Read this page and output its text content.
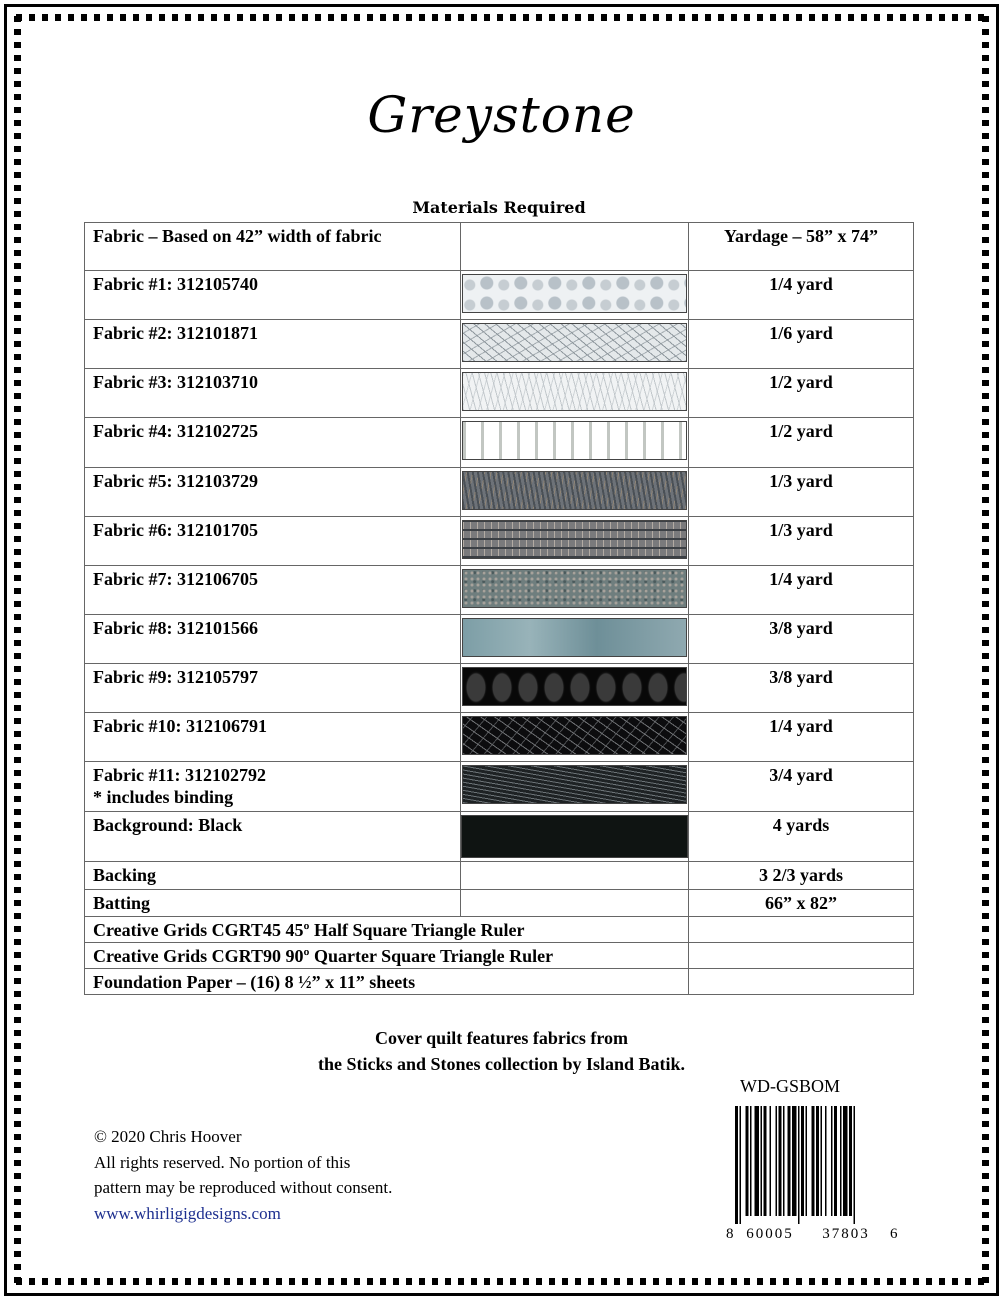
Greystone
Materials Required
Fabric – Based on 42” width of fabric		Yardage – 58” x 74”
Fabric #1: 312105740		1/4 yard
Fabric #2: 312101871		1/6 yard
Fabric #3: 312103710		1/2 yard
Fabric #4: 312102725		1/2 yard
Fabric #5: 312103729		1/3 yard
Fabric #6: 312101705		1/3 yard
Fabric #7: 312106705		1/4 yard
Fabric #8: 312101566		3/8 yard
Fabric #9: 312105797		3/8 yard
Fabric #10: 312106791		1/4 yard

Fabric #11: 312102792
* includes binding		3/4 yard
Background: Black		4 yards
Backing		3 2/3 yards
Batting		66” x 82”
Creative Grids CGRT45 45º Half Square Triangle Ruler		
Creative Grids CGRT90 90º Quarter Square Triangle Ruler		
Foundation Paper – (16) 8 ½” x 11” sheets		
Cover quilt features fabrics from
the Sticks and Stones collection by Island Batik.
WD-GSBOM
© 2020 Chris Hoover
All rights reserved. No portion of this
pattern may be reproduced without consent.
www.whirligigdesigns.com
8 60005 37803 6
